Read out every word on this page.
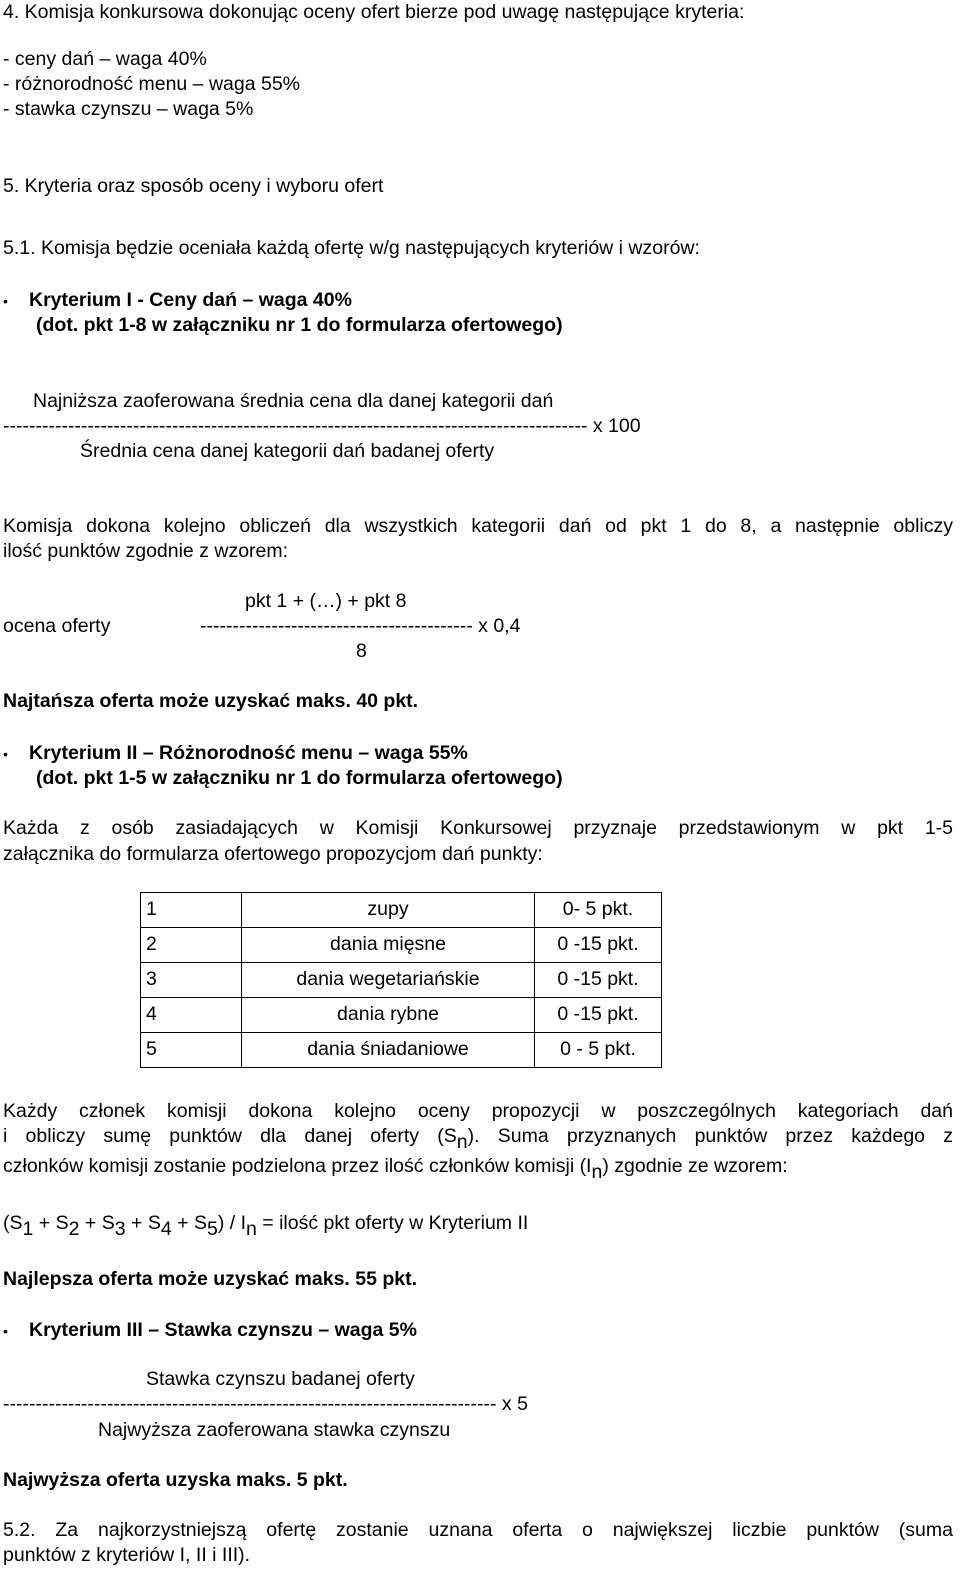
4. Komisja konkursowa dokonując oceny ofert bierze pod uwagę następujące kryteria:
- ceny dań – waga 40%
- różnorodność menu – waga 55%
- stawka czynszu – waga 5%
5. Kryteria oraz sposób oceny i wyboru ofert
5.1. Komisja będzie oceniała każdą ofertę w/g następujących kryteriów i wzorów:
•
Kryterium I - Ceny dań – waga 40%
(dot. pkt 1-8 w załączniku nr 1 do formularza ofertowego)
Najniższa zaoferowana średnia cena dla danej kategorii dań
------------------------------------------------------------------------------------------ x 100
Średnia cena danej kategorii dań badanej oferty
Komisja dokona kolejno obliczeń dla wszystkich kategorii dań od pkt 1 do 8, a następnie obliczy
ilość punktów zgodnie z wzorem:
pkt 1 + (…) + pkt 8
ocena oferty	------------------------------------------ x 0,4
8
Najtańsza oferta może uzyskać maks. 40 pkt.
•
Kryterium II – Różnorodność menu – waga 55%
(dot. pkt 1-5 w załączniku nr 1 do formularza ofertowego)
Każda z osób zasiadających w Komisji Konkursowej przyznaje przedstawionym w pkt 1-5
załącznika do formularza ofertowego propozycjom dań punkty:
1	zupy	0- 5 pkt.
2	dania mięsne	0 -15 pkt.
3	dania wegetariańskie	0 -15 pkt.
4	dania rybne	0 -15 pkt.
5	dania śniadaniowe	0 - 5 pkt.
Każdy członek komisji dokona kolejno oceny propozycji w poszczególnych kategoriach dań
i obliczy sumę punktów dla danej oferty $(S_n)$. Suma przyznanych punktów przez każdego z
członków komisji zostanie podzielona przez ilość członków komisji $(I_n)$ zgodnie ze wzorem:
$(S_1 + S_2 + S_3 + S_4 + S_5) / I_n$ = ilość pkt oferty w Kryterium II
Najlepsza oferta może uzyskać maks. 55 pkt.
•
Kryterium III – Stawka czynszu – waga 5%
Stawka czynszu badanej oferty
---------------------------------------------------------------------------- x 5
Najwyższa zaoferowana stawka czynszu
Najwyższa oferta uzyska maks. 5 pkt.
5.2. Za najkorzystniejszą ofertę zostanie uznana oferta o największej liczbie punktów (suma
punktów z kryteriów I, II i III).
